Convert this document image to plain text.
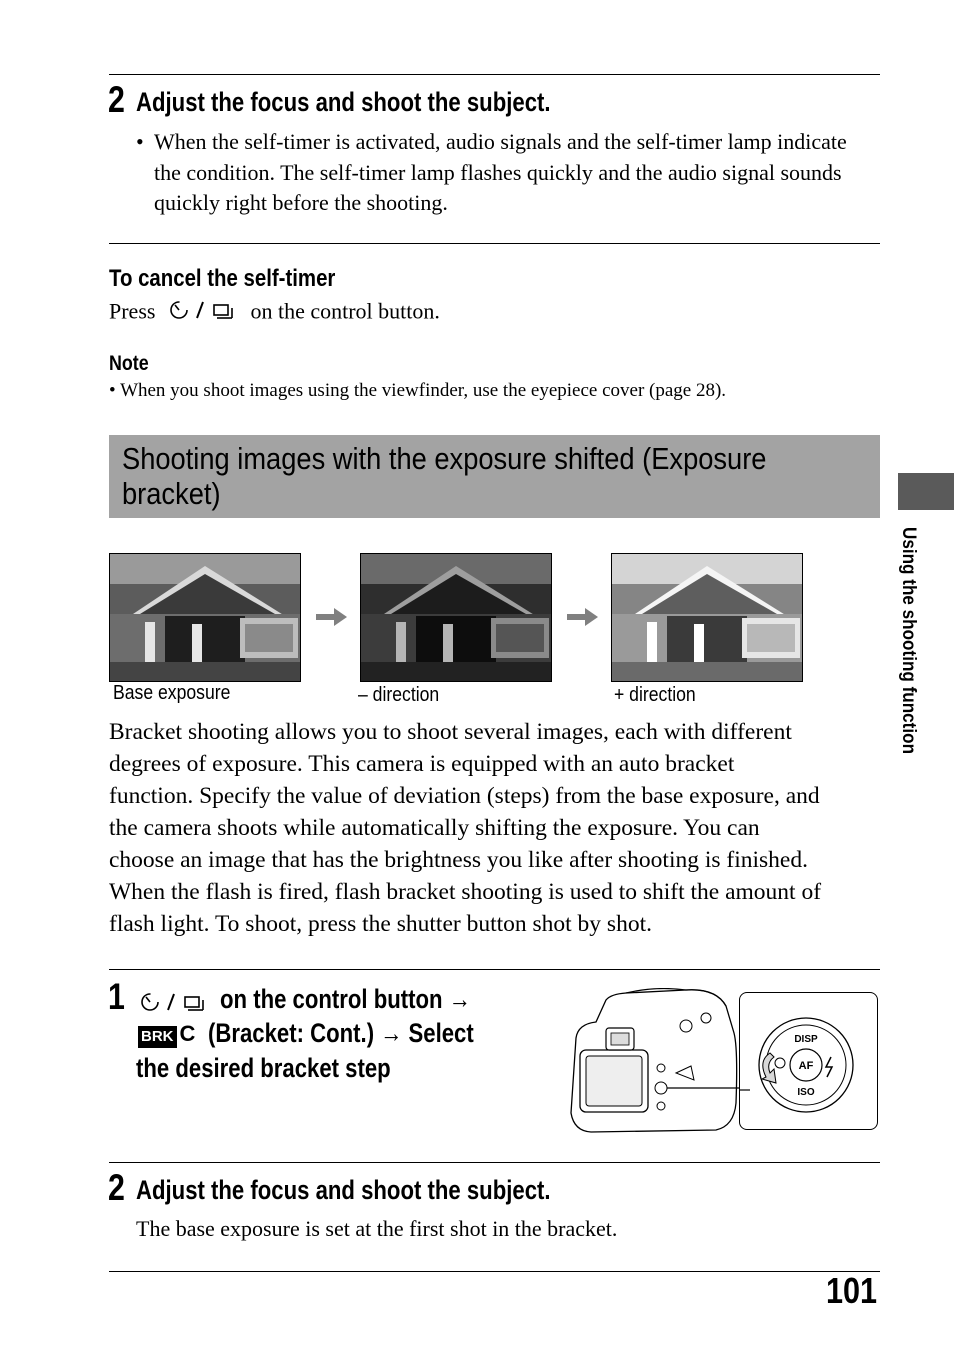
2 Adjust the focus and shoot the subject.
• When the self-timer is activated, audio signals and the self-timer lamp indicate the condition. The self-timer lamp flashes quickly and the audio signal sounds quickly right before the shooting.
To cancel the self-timer
Press	on the control button.
Note
• When you shoot images using the viewfinder, use the eyepiece cover (page 28).
Shooting images with the exposure shifted (Exposure
bracket)
Base exposure	– direction	+ direction
Bracket shooting allows you to shoot several images, each with different
degrees of exposure. This camera is equipped with an auto bracket
function. Specify the value of deviation (steps) from the base exposure, and
the camera shoots while automatically shifting the exposure. You can
choose an image that has the brightness you like after shooting is finished.
When the flash is fired, flash bracket shooting is used to shift the amount of
flash light. To shoot, press the shutter button shot by shot.
1	on the control button →
BRK C (Bracket: Cont.) → Select
the desired bracket step
DISP
AF
ISO
2 Adjust the focus and shoot the subject.
The base exposure is set at the first shot in the bracket.
101
Using the shooting function
